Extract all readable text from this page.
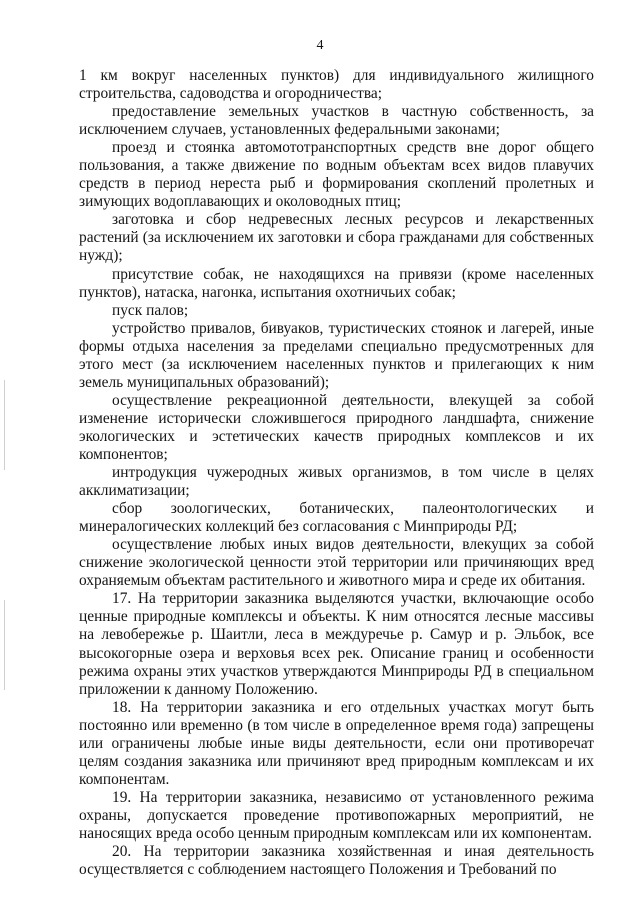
4

1 км вокруг населенных пунктов) для индивидуального жилищного строительства, садоводства и огородничества;

предоставление земельных участков в частную собственность, за исключением случаев, установленных федеральными законами;

проезд и стоянка автомототранспортных средств вне дорог общего пользования, а также движение по водным объектам всех видов плавучих средств в период нереста рыб и формирования скоплений пролетных и зимующих водоплавающих и околоводных птиц;

заготовка и сбор недревесных лесных ресурсов и лекарственных растений (за исключением их заготовки и сбора гражданами для собственных нужд);

присутствие собак, не находящихся на привязи (кроме населенных пунктов), натаска, нагонка, испытания охотничьих собак;

пуск палов;

устройство привалов, бивуаков, туристических стоянок и лагерей, иные формы отдыха населения за пределами специально предусмотренных для этого мест (за исключением населенных пунктов и прилегающих к ним земель муниципальных образований);

осуществление рекреационной деятельности, влекущей за собой изменение исторически сложившегося природного ландшафта, снижение экологических и эстетических качеств природных комплексов и их компонентов;

интродукция чужеродных живых организмов, в том числе в целях акклиматизации;

сбор зоологических, ботанических, палеонтологических и минералогических коллекций без согласования с Минприроды РД;

осуществление любых иных видов деятельности, влекущих за собой снижение экологической ценности этой территории или причиняющих вред охраняемым объектам растительного и животного мира и среде их обитания.

17. На территории заказника выделяются участки, включающие особо ценные природные комплексы и объекты. К ним относятся лесные массивы на левобережье р. Шаитли, леса в междуречье р. Самур и р. Эльбок, все высокогорные озера и верховья всех рек. Описание границ и особенности режима охраны этих участков утверждаются Минприроды РД в специальном приложении к данному Положению.

18. На территории заказника и его отдельных участках могут быть постоянно или временно (в том числе в определенное время года) запрещены или ограничены любые иные виды деятельности, если они противоречат целям создания заказника или причиняют вред природным комплексам и их компонентам.

19. На территории заказника, независимо от установленного режима охраны, допускается проведение противопожарных мероприятий, не наносящих вреда особо ценным природным комплексам или их компонентам.

20. На территории заказника хозяйственная и иная деятельность осуществляется с соблюдением настоящего Положения и Требований по
